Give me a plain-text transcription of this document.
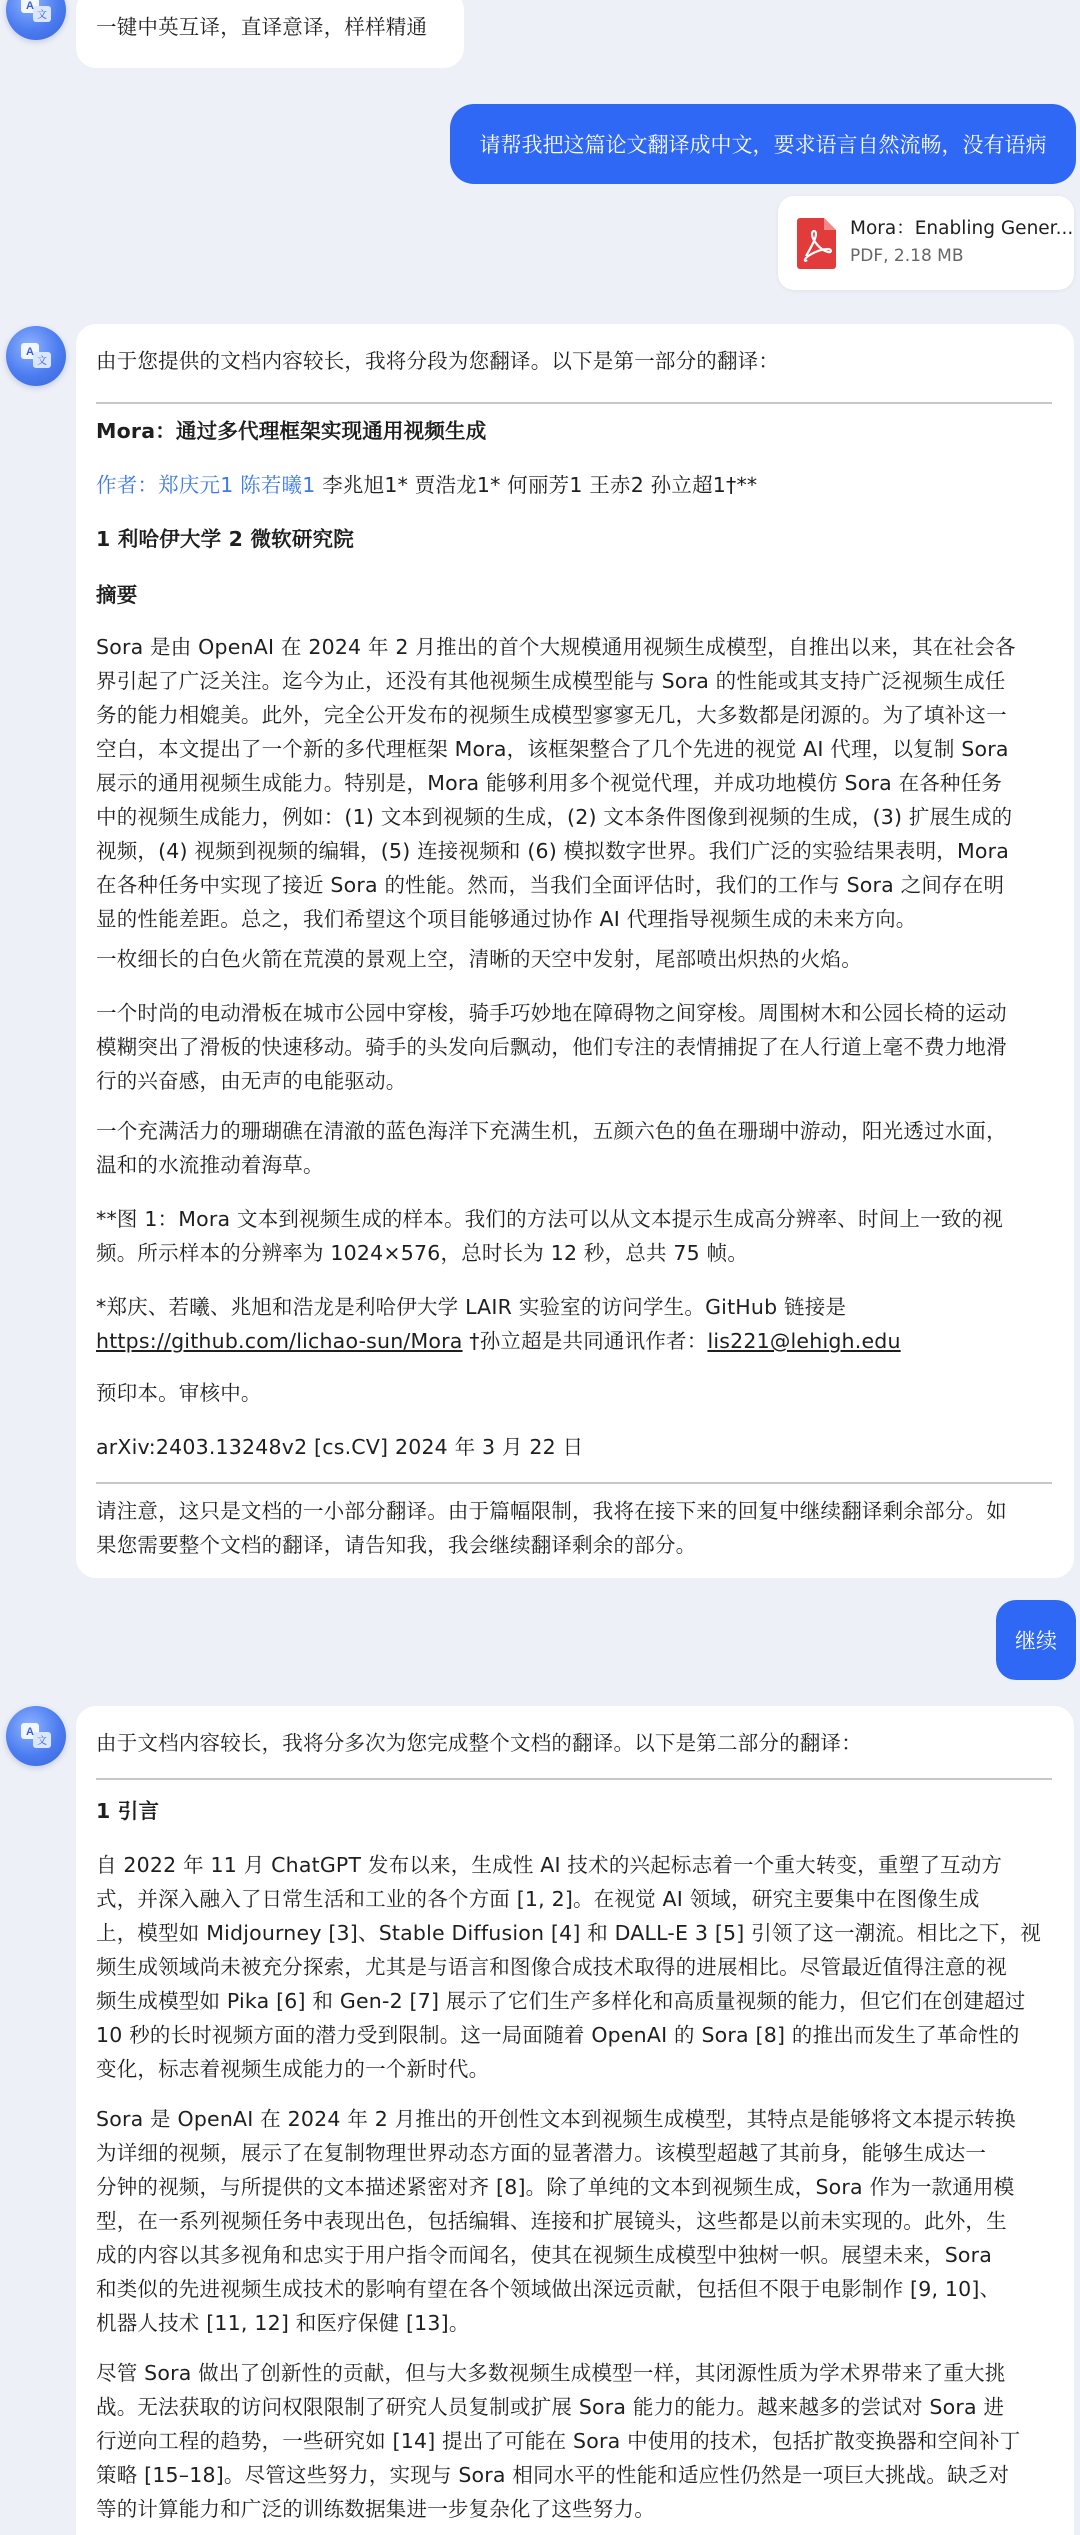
A
文 一键中英互译，直译意译，样样精通
请帮我把这篇论文翻译成中文，要求语言自然流畅，没有语病
Mora：Enabling Gener...
PDF, 2.18 MB
A
文 由于您提供的文档内容较长，我将分段为您翻译。以下是第一部分的翻译：
Mora：通过多代理框架实现通用视频生成
作者：郑庆元1 陈若曦1 李兆旭1* 贾浩龙1* 何丽芳1 王赤2 孙立超1†**
1 利哈伊大学 2 微软研究院
摘要
Sora 是由 OpenAI 在 2024 年 2 月推出的首个大规模通用视频生成模型，自推出以来，其在社会各
界引起了广泛关注。迄今为止，还没有其他视频生成模型能与 Sora 的性能或其支持广泛视频生成任
务的能力相媲美。此外，完全公开发布的视频生成模型寥寥无几，大多数都是闭源的。为了填补这一
空白，本文提出了一个新的多代理框架 Mora，该框架整合了几个先进的视觉 AI 代理，以复制 Sora
展示的通用视频生成能力。特别是，Mora 能够利用多个视觉代理，并成功地模仿 Sora 在各种任务
中的视频生成能力，例如：(1) 文本到视频的生成，(2) 文本条件图像到视频的生成，(3) 扩展生成的
视频，(4) 视频到视频的编辑，(5) 连接视频和 (6) 模拟数字世界。我们广泛的实验结果表明，Mora
在各种任务中实现了接近 Sora 的性能。然而，当我们全面评估时，我们的工作与 Sora 之间存在明
显的性能差距。总之，我们希望这个项目能够通过协作 AI 代理指导视频生成的未来方向。
一枚细长的白色火箭在荒漠的景观上空，清晰的天空中发射，尾部喷出炽热的火焰。
一个时尚的电动滑板在城市公园中穿梭，骑手巧妙地在障碍物之间穿梭。周围树木和公园长椅的运动
模糊突出了滑板的快速移动。骑手的头发向后飘动，他们专注的表情捕捉了在人行道上毫不费力地滑
行的兴奋感，由无声的电能驱动。
一个充满活力的珊瑚礁在清澈的蓝色海洋下充满生机，五颜六色的鱼在珊瑚中游动，阳光透过水面，
温和的水流推动着海草。
**图 1：Mora 文本到视频生成的样本。我们的方法可以从文本提示生成高分辨率、时间上一致的视
频。所示样本的分辨率为 1024×576，总时长为 12 秒，总共 75 帧。
*郑庆、若曦、兆旭和浩龙是利哈伊大学 LAIR 实验室的访问学生。GitHub 链接是
https://github.com/lichao-sun/Mora †孙立超是共同通讯作者：lis221@lehigh.edu
预印本。审核中。
arXiv:2403.13248v2 [cs.CV] 2024 年 3 月 22 日
请注意，这只是文档的一小部分翻译。由于篇幅限制，我将在接下来的回复中继续翻译剩余部分。如
果您需要整个文档的翻译，请告知我，我会继续翻译剩余的部分。
继续
A
文 由于文档内容较长，我将分多次为您完成整个文档的翻译。以下是第二部分的翻译：
1 引言
自 2022 年 11 月 ChatGPT 发布以来，生成性 AI 技术的兴起标志着一个重大转变，重塑了互动方
式，并深入融入了日常生活和工业的各个方面 [1, 2]。在视觉 AI 领域，研究主要集中在图像生成
上，模型如 Midjourney [3]、Stable Diffusion [4] 和 DALL-E 3 [5] 引领了这一潮流。相比之下，视
频生成领域尚未被充分探索，尤其是与语言和图像合成技术取得的进展相比。尽管最近值得注意的视
频生成模型如 Pika [6] 和 Gen-2 [7] 展示了它们生产多样化和高质量视频的能力，但它们在创建超过
10 秒的长时视频方面的潜力受到限制。这一局面随着 OpenAI 的 Sora [8] 的推出而发生了革命性的
变化，标志着视频生成能力的一个新时代。
Sora 是 OpenAI 在 2024 年 2 月推出的开创性文本到视频生成模型，其特点是能够将文本提示转换
为详细的视频，展示了在复制物理世界动态方面的显著潜力。该模型超越了其前身，能够生成达一
分钟的视频，与所提供的文本描述紧密对齐 [8]。除了单纯的文本到视频生成，Sora 作为一款通用模
型，在一系列视频任务中表现出色，包括编辑、连接和扩展镜头，这些都是以前未实现的。此外，生
成的内容以其多视角和忠实于用户指令而闻名，使其在视频生成模型中独树一帜。展望未来，Sora
和类似的先进视频生成技术的影响有望在各个领域做出深远贡献，包括但不限于电影制作 [9, 10]、
机器人技术 [11, 12] 和医疗保健 [13]。
尽管 Sora 做出了创新性的贡献，但与大多数视频生成模型一样，其闭源性质为学术界带来了重大挑
战。无法获取的访问权限限制了研究人员复制或扩展 Sora 能力的能力。越来越多的尝试对 Sora 进
行逆向工程的趋势，一些研究如 [14] 提出了可能在 Sora 中使用的技术，包括扩散变换器和空间补丁
策略 [15–18]。尽管这些努力，实现与 Sora 相同水平的性能和适应性仍然是一项巨大挑战。缺乏对
等的计算能力和广泛的训练数据集进一步复杂化了这些努力。
